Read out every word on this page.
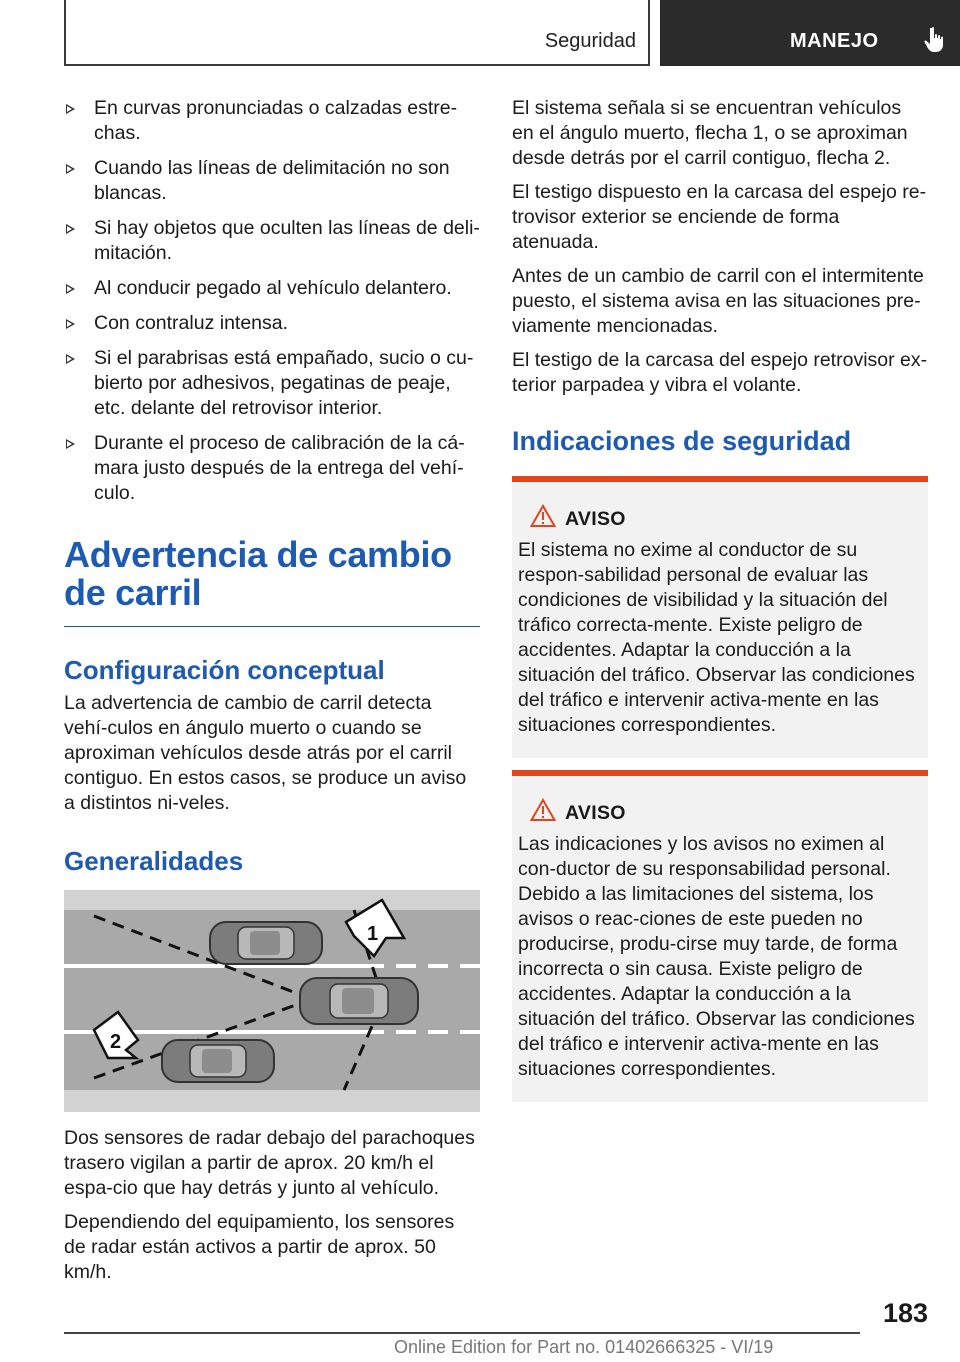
Seguridad	MANEJO
En curvas pronunciadas o calzadas estre-chas.
Cuando las líneas de delimitación no son blancas.
Si hay objetos que oculten las líneas de deli-mitación.
Al conducir pegado al vehículo delantero.
Con contraluz intensa.
Si el parabrisas está empañado, sucio o cu-bierto por adhesivos, pegatinas de peaje, etc. delante del retrovisor interior.
Durante el proceso de calibración de la cá-mara justo después de la entrega del vehí-culo.
Advertencia de cambio de carril
Configuración conceptual
La advertencia de cambio de carril detecta vehí-culos en ángulo muerto o cuando se aproximan vehículos desde atrás por el carril contiguo. En estos casos, se produce un aviso a distintos ni-veles.
Generalidades
1
2
Dos sensores de radar debajo del parachoques trasero vigilan a partir de aprox. 20 km/h el espa-cio que hay detrás y junto al vehículo.
Dependiendo del equipamiento, los sensores de radar están activos a partir de aprox. 50 km/h.
El sistema señala si se encuentran vehículos en el ángulo muerto, flecha 1, o se aproximan desde detrás por el carril contiguo, flecha 2.
El testigo dispuesto en la carcasa del espejo re-trovisor exterior se enciende de forma atenuada.
Antes de un cambio de carril con el intermitente puesto, el sistema avisa en las situaciones pre-viamente mencionadas.
El testigo de la carcasa del espejo retrovisor ex-terior parpadea y vibra el volante.
Indicaciones de seguridad
AVISO
El sistema no exime al conductor de su respon-sabilidad personal de evaluar las condiciones de visibilidad y la situación del tráfico correcta-mente. Existe peligro de accidentes. Adaptar la conducción a la situación del tráfico. Observar las condiciones del tráfico e intervenir activa-mente en las situaciones correspondientes.
AVISO
Las indicaciones y los avisos no eximen al con-ductor de su responsabilidad personal. Debido a las limitaciones del sistema, los avisos o reac-ciones de este pueden no producirse, produ-cirse muy tarde, de forma incorrecta o sin causa. Existe peligro de accidentes. Adaptar la conducción a la situación del tráfico. Observar las condiciones del tráfico e intervenir activa-mente en las situaciones correspondientes.
183
Online Edition for Part no. 01402666325 - VI/19
